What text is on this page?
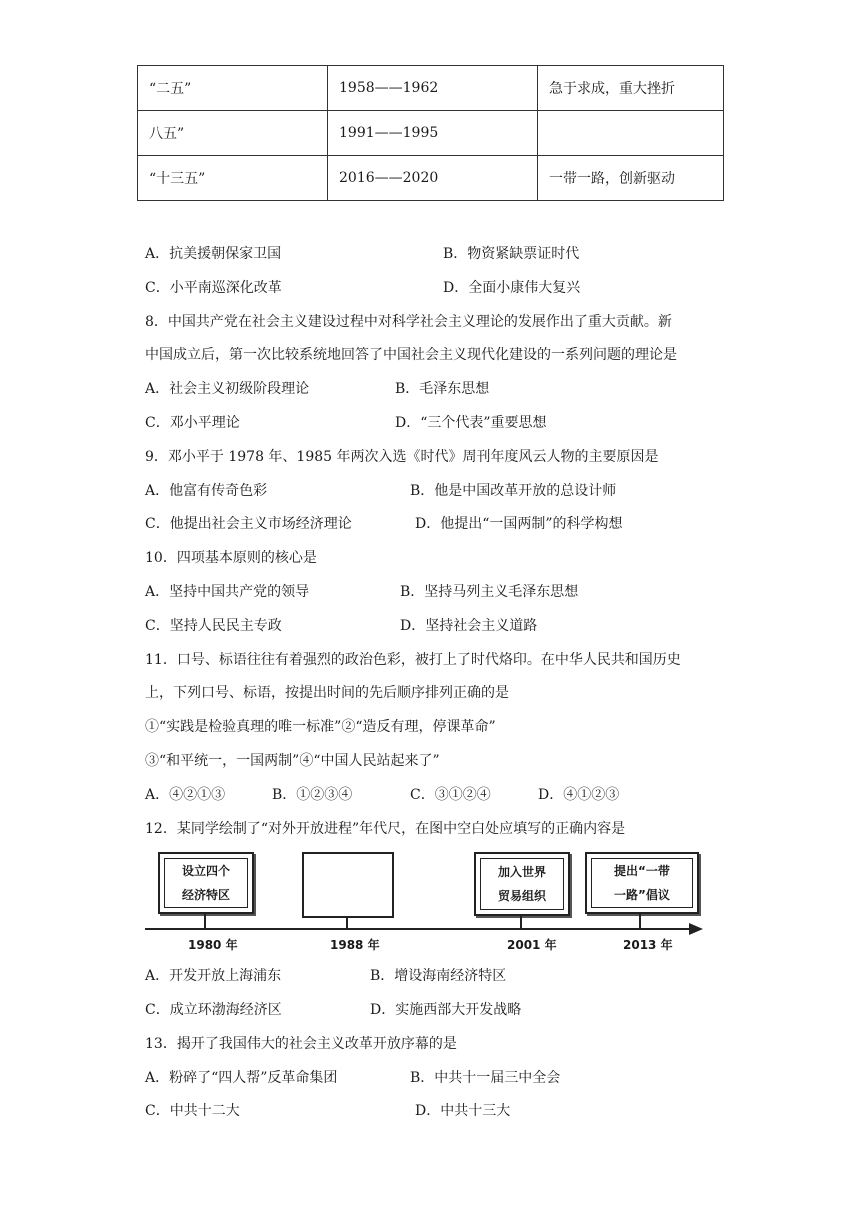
“二五”	1958——1962	急于求成，重大挫折
八五”	1991——1995	
“十三五”	2016——2020	一带一路，创新驱动
A．抗美援朝保家卫国	B．物资紧缺票证时代
C．小平南巡深化改革	D．全面小康伟大复兴
8．中国共产党在社会主义建设过程中对科学社会主义理论的发展作出了重大贡献。新
中国成立后，第一次比较系统地回答了中国社会主义现代化建设的一系列问题的理论是
A．社会主义初级阶段理论	B．毛泽东思想
C．邓小平理论	D．“三个代表”重要思想
9．邓小平于 1978 年、1985 年两次入选《时代》周刊年度风云人物的主要原因是
A．他富有传奇色彩	B．他是中国改革开放的总设计师
C．他提出社会主义市场经济理论	D．他提出“一国两制”的科学构想
10．四项基本原则的核心是
A．坚持中国共产党的领导	B．坚持马列主义毛泽东思想
C．坚持人民民主专政	D．坚持社会主义道路
11．口号、标语往往有着强烈的政治色彩，被打上了时代烙印。在中华人民共和国历史
上，下列口号、标语，按提出时间的先后顺序排列正确的是
①“实践是检验真理的唯一标准”②“造反有理，停课革命”
③“和平统一，一国两制”④“中国人民站起来了”
A．④②①③	B．①②③④	C．③①②④	D．④①②③
12．某同学绘制了“对外开放进程”年代尺，在图中空白处应填写的正确内容是
设立四个
经济特区
加入世界
贸易组织
提出“一带
一路”倡议
1980 年	1988 年	2001 年	2013 年
A．开发开放上海浦东	B．增设海南经济特区
C．成立环渤海经济区	D．实施西部大开发战略
13．揭开了我国伟大的社会主义改革开放序幕的是
A．粉碎了“四人帮”反革命集团	B．中共十一届三中全会
C．中共十二大	D．中共十三大
